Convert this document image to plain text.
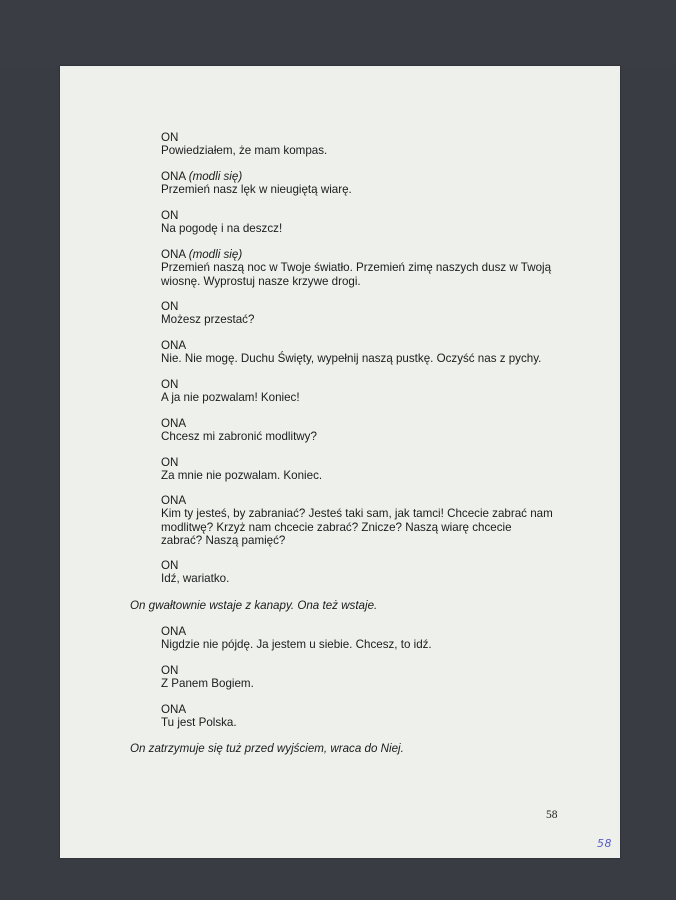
ON
Powiedziałem, że mam kompas.
ONA (modli się)
Przemień nasz lęk w nieugiętą wiarę.
ON
Na pogodę i na deszcz!
ONA (modli się)
Przemień naszą noc w Twoje światło. Przemień zimę naszych dusz w Twoją wiosnę. Wyprostuj nasze krzywe drogi.
ON
Możesz przestać?
ONA
Nie. Nie mogę. Duchu Święty, wypełnij naszą pustkę. Oczyść nas z pychy.
ON
A ja nie pozwalam! Koniec!
ONA
Chcesz mi zabronić modlitwy?
ON
Za mnie nie pozwalam. Koniec.
ONA
Kim ty jesteś, by zabraniać? Jesteś taki sam, jak tamci! Chcecie zabrać nam modlitwę? Krzyż nam chcecie zabrać? Znicze? Naszą wiarę chcecie zabrać? Naszą pamięć?
ON
Idź, wariatko.
On gwałtownie wstaje z kanapy. Ona też wstaje.
ONA
Nigdzie nie pójdę. Ja jestem u siebie. Chcesz, to idź.
ON
Z Panem Bogiem.
ONA
Tu jest Polska.
On zatrzymuje się tuż przed wyjściem, wraca do Niej.
58
58
